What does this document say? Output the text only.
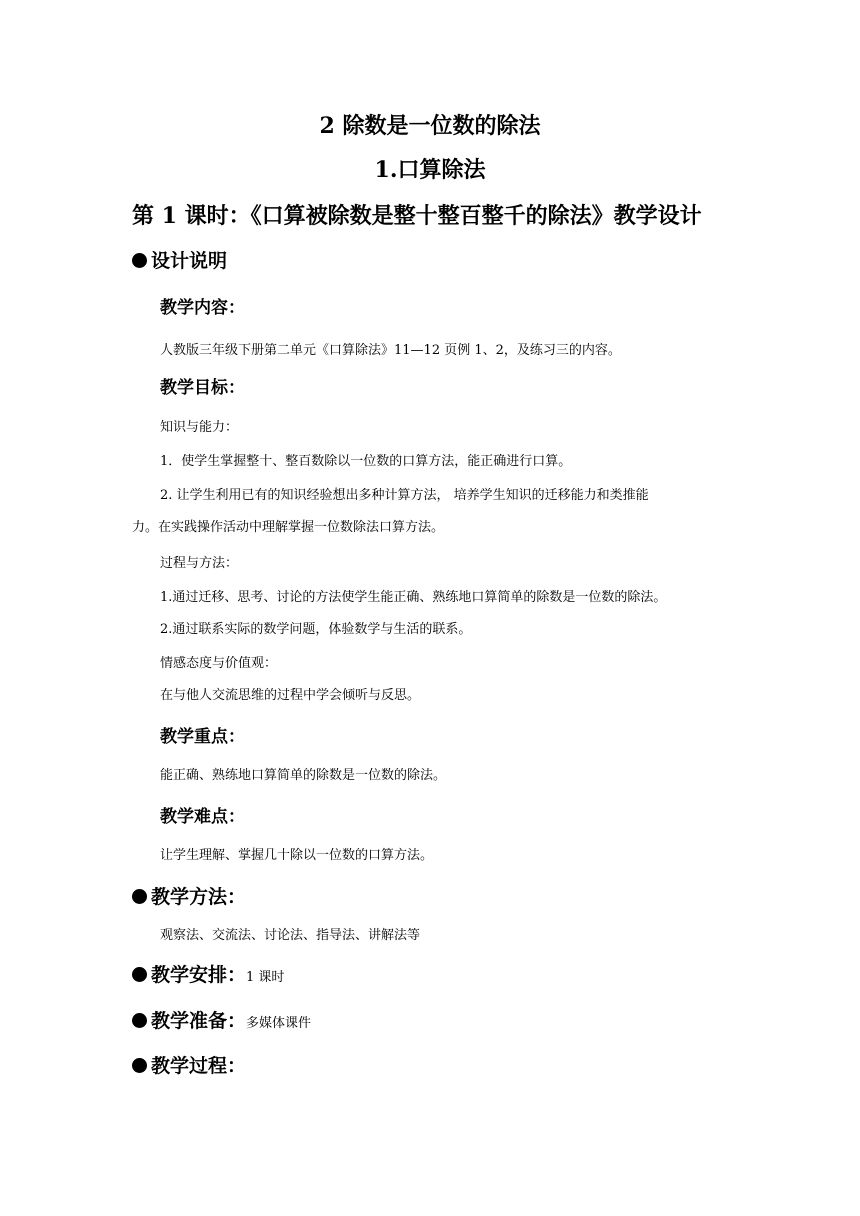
2 除数是一位数的除法
1.口算除法
第 1 课时：《口算被除数是整十整百整千的除法》教学设计
设计说明
教学内容：
人教版三年级下册第二单元《口算除法》11—12 页例 1、2，及练习三的内容。
教学目标：
知识与能力：
1．使学生掌握整十、整百数除以一位数的口算方法，能正确进行口算。
2. 让学生利用已有的知识经验想出多种计算方法， 培养学生知识的迁移能力和类推能
力。在实践操作活动中理解掌握一位数除法口算方法。
过程与方法：
1.通过迁移、思考、讨论的方法使学生能正确、熟练地口算简单的除数是一位数的除法。
2.通过联系实际的数学问题，体验数学与生活的联系。
情感态度与价值观：
在与他人交流思维的过程中学会倾听与反思。
教学重点：
能正确、熟练地口算简单的除数是一位数的除法。
教学难点：
让学生理解、掌握几十除以一位数的口算方法。
教学方法：
观察法、交流法、讨论法、指导法、讲解法等
教学安排：1 课时
教学准备：多媒体课件
教学过程：
